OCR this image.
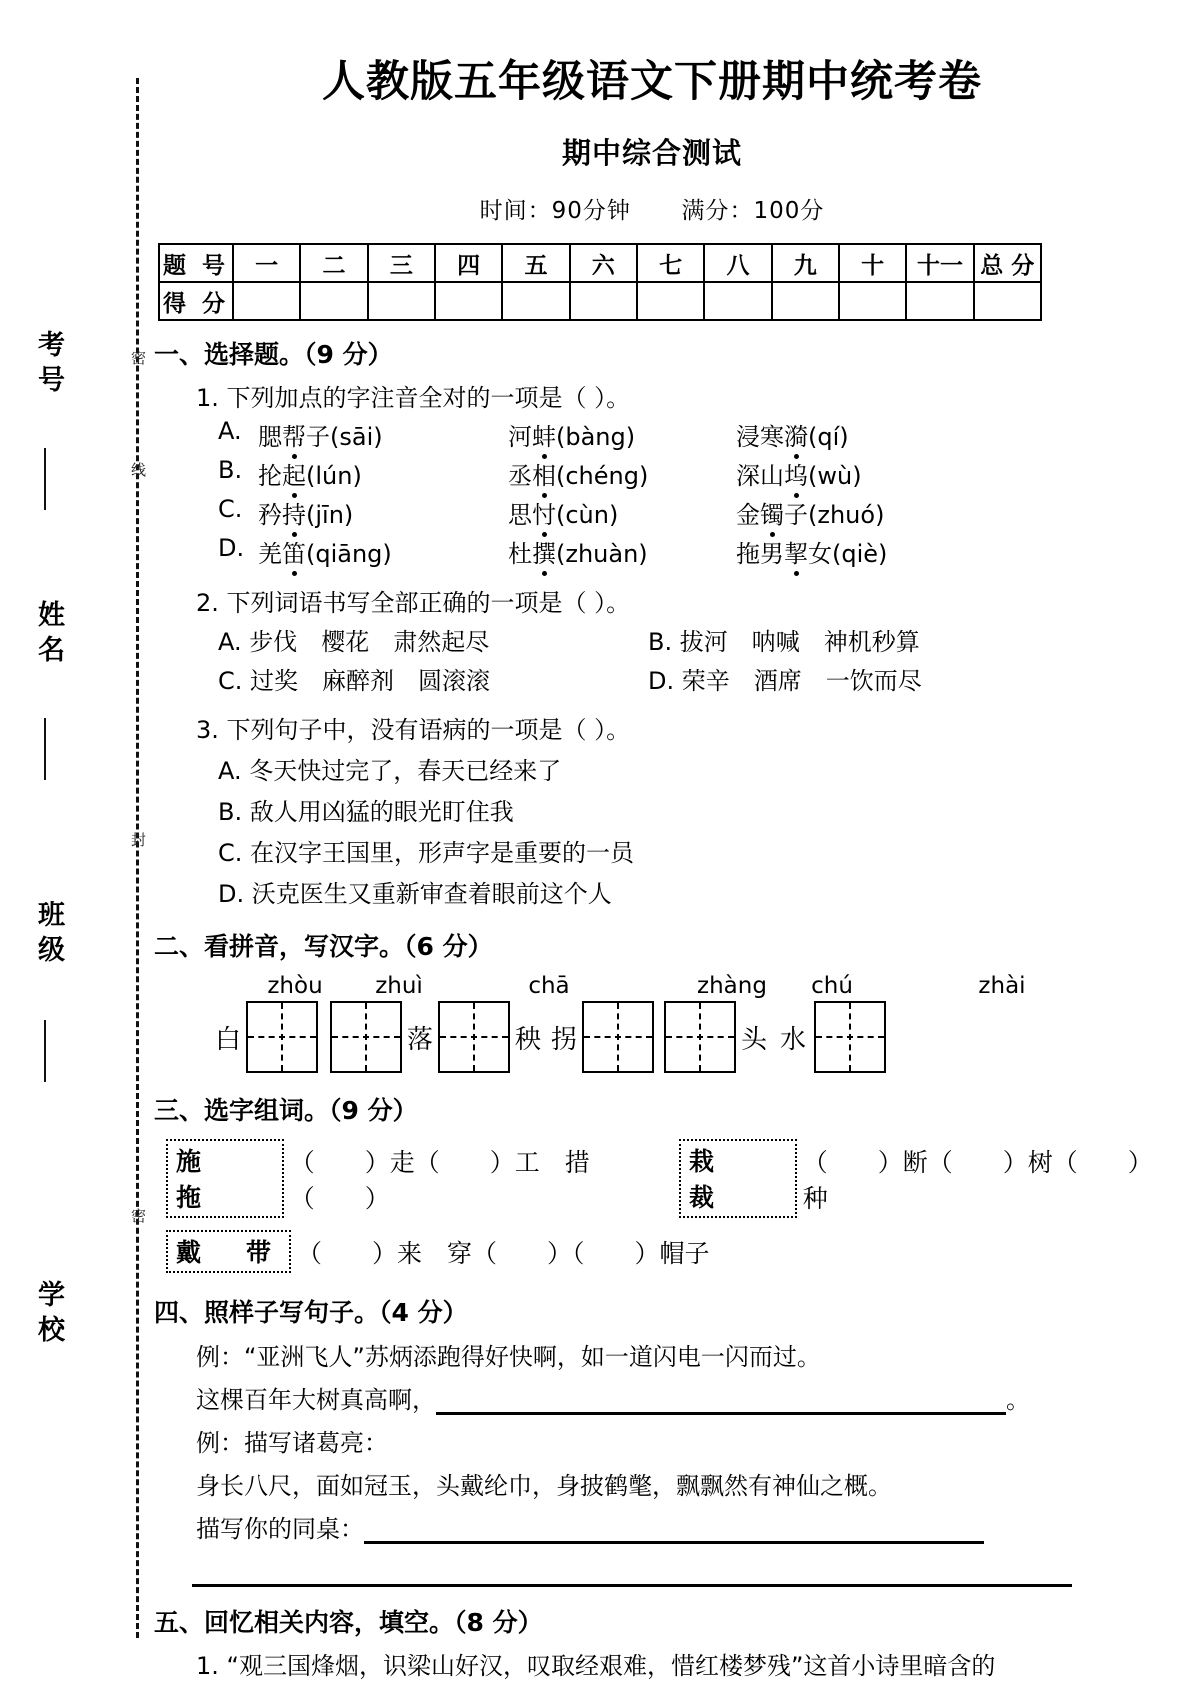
考号
姓名
班级
学校
密
线
封
密
人教版五年级语文下册期中统考卷
期中综合测试
时间：90分钟 满分：100分
题 号	一	二	三	四	五	六	七	八	九	十	十一	总 分
得 分												
一、选择题。（9 分）
1. 下列加点的字注音全对的一项是（ ）。
A. 腮帮子(sāi)	河蚌(bàng)	浸寒漪(qí)
B. 抡起(lún)	丞相(chéng)	深山坞(wù)
C. 矜持(jīn)	思忖(cùn)	金镯子(zhuó)
D. 羌笛(qiāng)	杜撰(zhuàn)	拖男挈女(qiè)
2. 下列词语书写全部正确的一项是（ ）。
A. 步伐　樱花　肃然起尽	B. 拔河　呐喊　神机秒算
C. 过奖　麻醉剂　圆滚滚	D. 荣辛　酒席　一饮而尽
3. 下列句子中，没有语病的一项是（ ）。
A. 冬天快过完了，春天已经来了
B. 敌人用凶猛的眼光盯住我
C. 在汉字王国里，形声字是重要的一员
D. 沃克医生又重新审查着眼前这个人
二、看拼音，写汉字。（6 分）
zhòu	zhuì	chā	zhàng	chú	zhài
白	落	秧 拐	头 水
三、选字组词。（9 分）
施　拖
（　　）走（　　）工　措（　　）
栽　裁
（　　）断（　　）树（　　）种
戴　带 （　　）来　穿（　　）（　　）帽子
四、照样子写句子。（4 分）
例：“亚洲飞人”苏炳添跑得好快啊，如一道闪电一闪而过。
这棵百年大树真高啊，	。
例：描写诸葛亮：
身长八尺，面如冠玉，头戴纶巾，身披鹤氅，飘飘然有神仙之概。
描写你的同桌：
五、回忆相关内容，填空。（8 分）
1. “观三国烽烟，识梁山好汉，叹取经艰难，惜红楼梦残”这首小诗里暗含的
